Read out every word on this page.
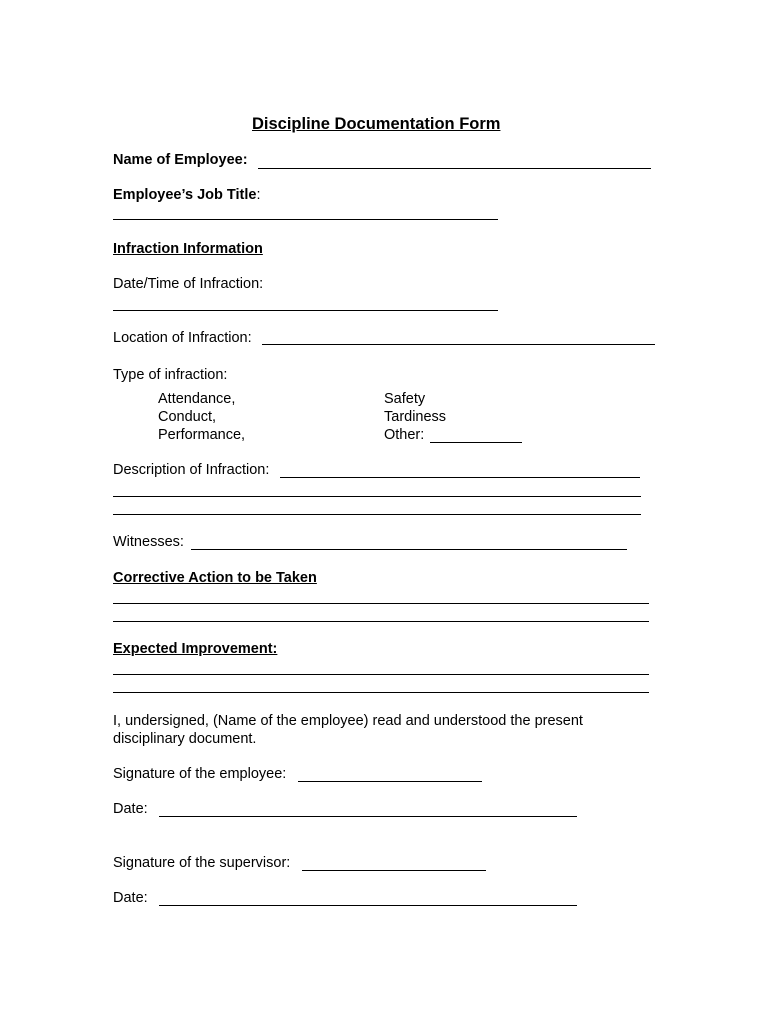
Discipline Documentation Form
Name of Employee:
Employee’s Job Title:
Infraction Information
Date/Time of Infraction:
Location of Infraction:
Type of infraction:
Attendance,
Conduct,
Performance,
Safety
Tardiness
Other:
Description of Infraction:
Witnesses:
Corrective Action to be Taken
Expected Improvement:
I, undersigned, (Name of the employee) read and understood the present
disciplinary document.
Signature of the employee:
Date:
Signature of the supervisor:
Date:
